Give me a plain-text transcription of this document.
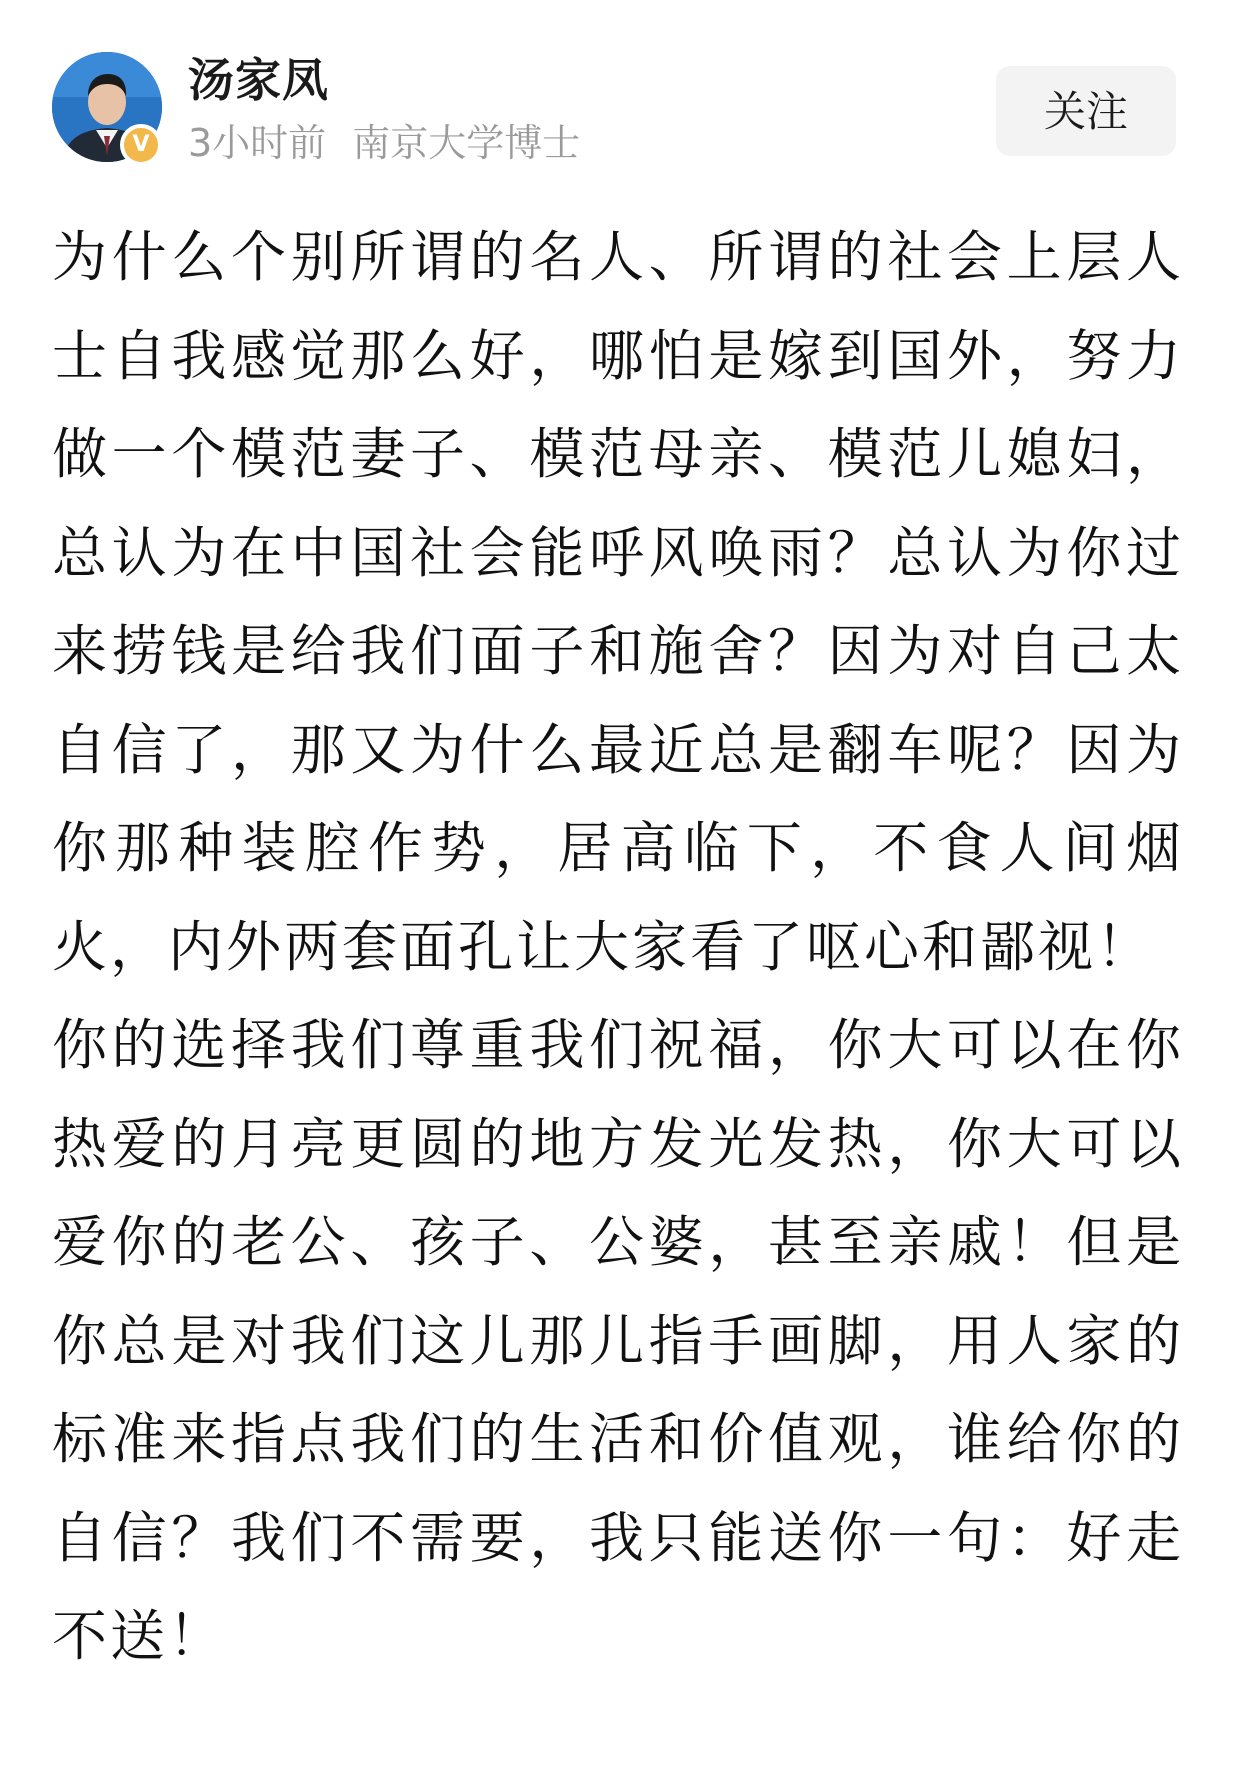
V
汤家凤
3小时前 南京大学博士
关注

为什么个别所谓的名人、所谓的社会上层人士自我感觉那么好，哪怕是嫁到国外，努力做一个模范妻子、模范母亲、模范儿媳妇，总认为在中国社会能呼风唤雨？总认为你过来捞钱是给我们面子和施舍？因为对自己太自信了，那又为什么最近总是翻车呢？因为你那种装腔作势，居高临下，不食人间烟火，内外两套面孔让大家看了呕心和鄙视！

你的选择我们尊重我们祝福，你大可以在你热爱的月亮更圆的地方发光发热，你大可以爱你的老公、孩子、公婆，甚至亲戚！但是你总是对我们这儿那儿指手画脚，用人家的标准来指点我们的生活和价值观，谁给你的自信？我们不需要，我只能送你一句：好走不送！
